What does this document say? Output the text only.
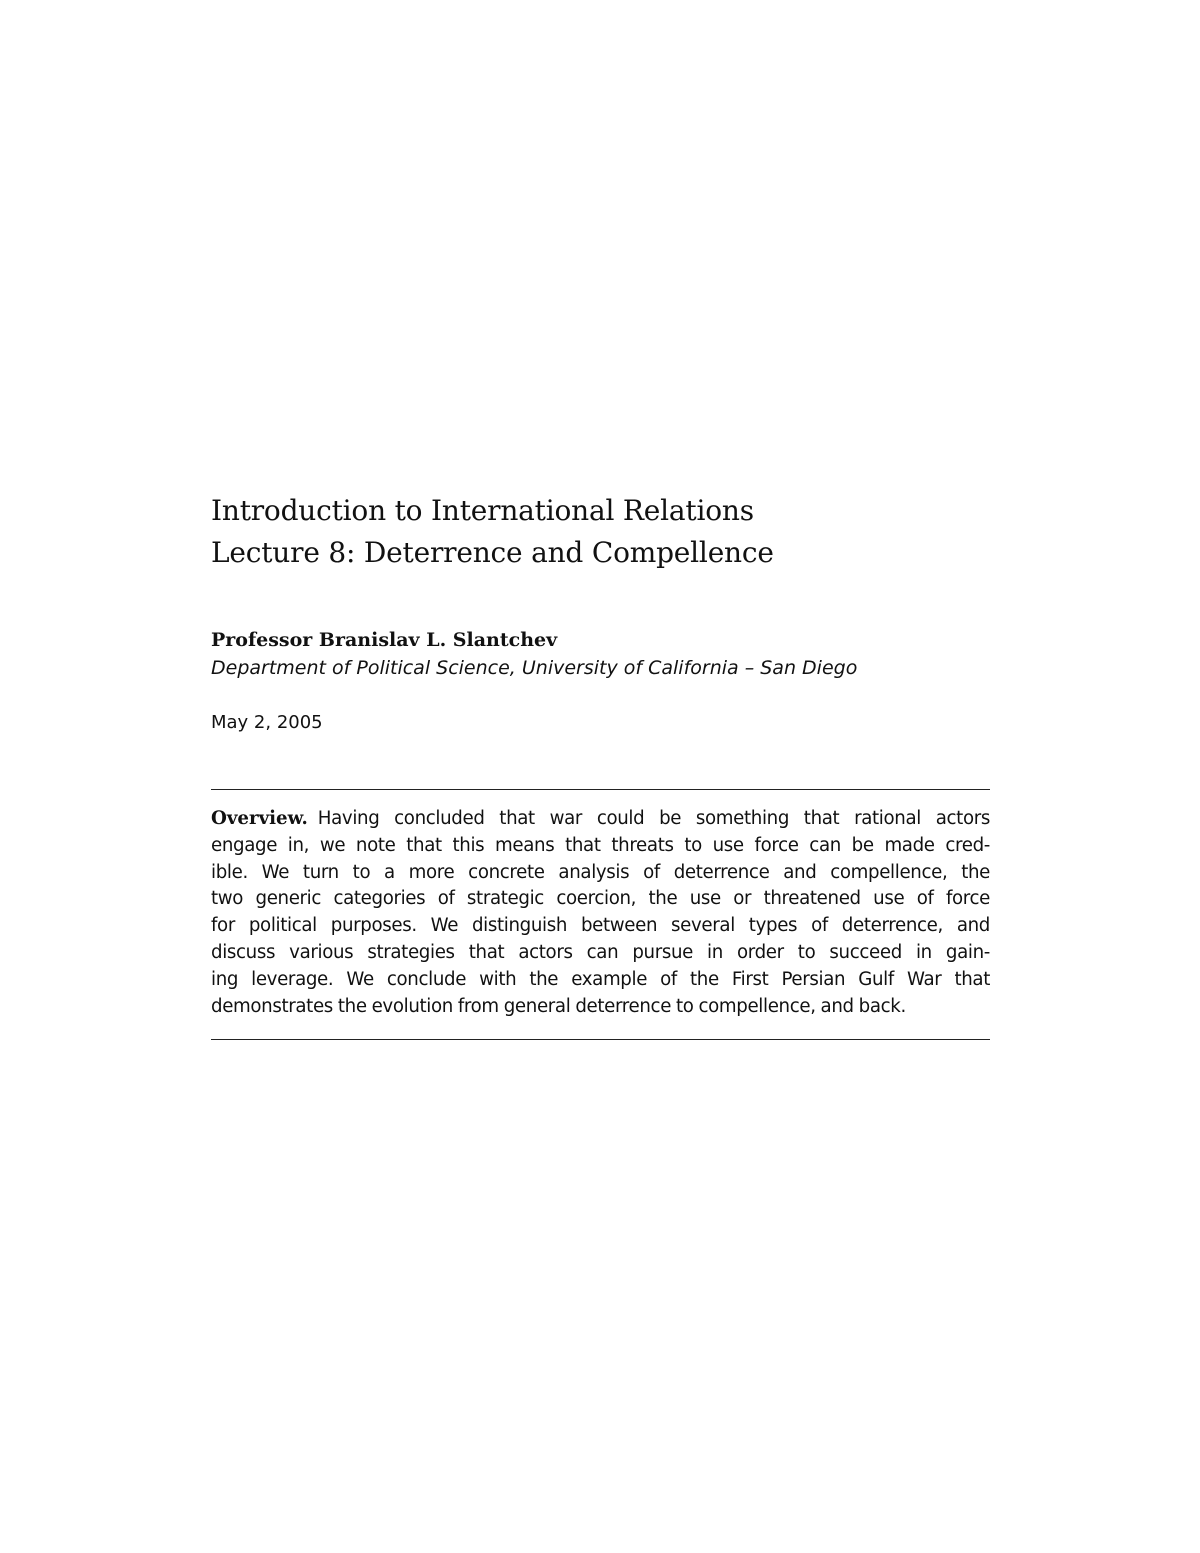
Introduction to International Relations
Lecture 8: Deterrence and Compellence
Professor Branislav L. Slantchev
Department of Political Science, University of California – San Diego
May 2, 2005
Overview. Having concluded that war could be something that rational actors
engage in, we note that this means that threats to use force can be made cred-
ible. We turn to a more concrete analysis of deterrence and compellence, the
two generic categories of strategic coercion, the use or threatened use of force
for political purposes. We distinguish between several types of deterrence, and
discuss various strategies that actors can pursue in order to succeed in gain-
ing leverage. We conclude with the example of the First Persian Gulf War that
demonstrates the evolution from general deterrence to compellence, and back.
